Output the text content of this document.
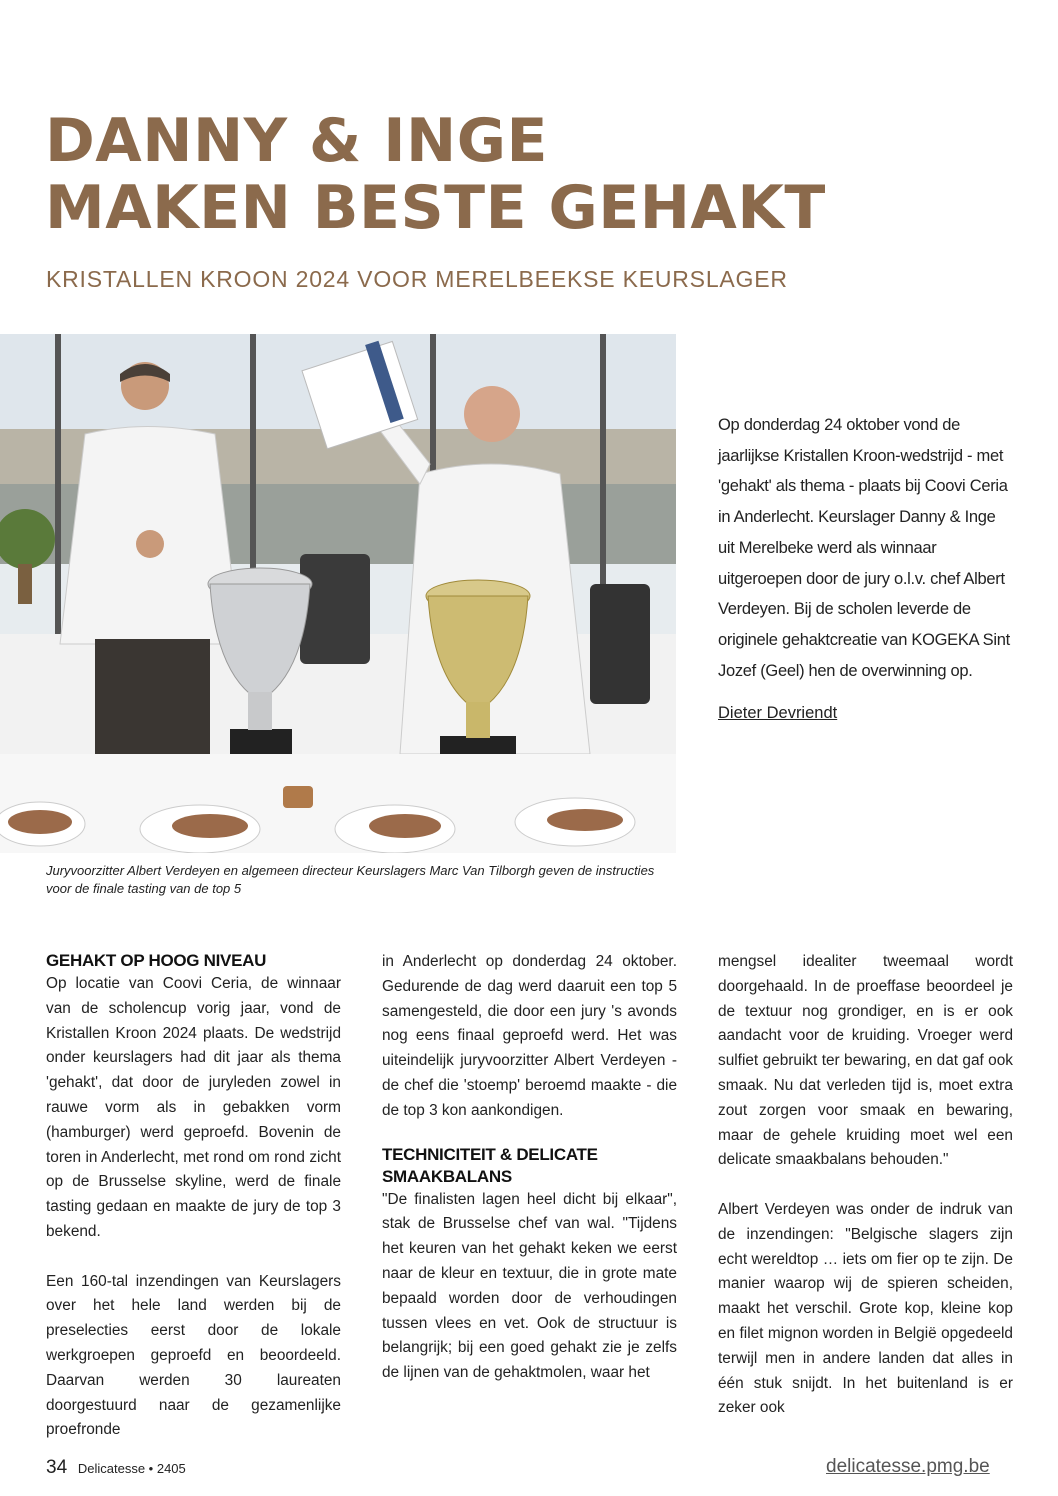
DANNY & INGE
MAKEN BESTE GEHAKT
KRISTALLEN KROON 2024 VOOR MERELBEEKSE KEURSLAGER
Juryvoorzitter Albert Verdeyen en algemeen directeur Keurslagers Marc Van Tilborgh geven de instructies voor de finale tasting van de top 5
Op donderdag 24 oktober vond de jaarlijkse Kristallen Kroon-wedstrijd - met 'gehakt' als thema - plaats bij Coovi Ceria in Anderlecht. Keurslager Danny & Inge uit Merelbeke werd als winnaar uitgeroepen door de jury o.l.v. chef Albert Verdeyen. Bij de scholen leverde de originele gehaktcreatie van KOGEKA Sint Jozef (Geel) hen de overwinning op.
Dieter Devriendt
GEHAKT OP HOOG NIVEAU

Op locatie van Coovi Ceria, de winnaar van de scholencup vorig jaar, vond de Kristallen Kroon 2024 plaats. De wedstrijd onder keurslagers had dit jaar als thema 'gehakt', dat door de juryleden zowel in rauwe vorm als in gebakken vorm (hamburger) werd geproefd. Bovenin de toren in Anderlecht, met rond om rond zicht op de Brusselse skyline, werd de finale tasting gedaan en maakte de jury de top 3 bekend.

Een 160-tal inzendingen van Keurslagers over het hele land werden bij de preselecties eerst door de lokale werkgroepen geproefd en beoordeeld. Daarvan werden 30 laureaten doorgestuurd naar de gezamenlijke proefronde

in Anderlecht op donderdag 24 oktober. Gedurende de dag werd daaruit een top 5 samengesteld, die door een jury 's avonds nog eens finaal geproefd werd. Het was uiteindelijk juryvoorzitter Albert Verdeyen - de chef die 'stoemp' beroemd maakte - die de top 3 kon aankondigen.

TECHNICITEIT & DELICATE SMAAKBALANS

"De finalisten lagen heel dicht bij elkaar", stak de Brusselse chef van wal. "Tijdens het keuren van het gehakt keken we eerst naar de kleur en textuur, die in grote mate bepaald worden door de verhoudingen tussen vlees en vet. Ook de structuur is belangrijk; bij een goed gehakt zie je zelfs de lijnen van de gehaktmolen, waar het

mengsel idealiter tweemaal wordt doorgehaald. In de proeffase beoordeel je de textuur nog grondiger, en is er ook aandacht voor de kruiding. Vroeger werd sulfiet gebruikt ter bewaring, en dat gaf ook smaak. Nu dat verleden tijd is, moet extra zout zorgen voor smaak en bewaring, maar de gehele kruiding moet wel een delicate smaakbalans behouden."

Albert Verdeyen was onder de indruk van de inzendingen: "Belgische slagers zijn echt wereldtop … iets om fier op te zijn. De manier waarop wij de spieren scheiden, maakt het verschil. Grote kop, kleine kop en filet mignon worden in België opgedeeld terwijl men in andere landen dat alles in één stuk snijdt. In het buitenland is er zeker ook

34 Delicatesse • 2405	delicatesse.pmg.be
